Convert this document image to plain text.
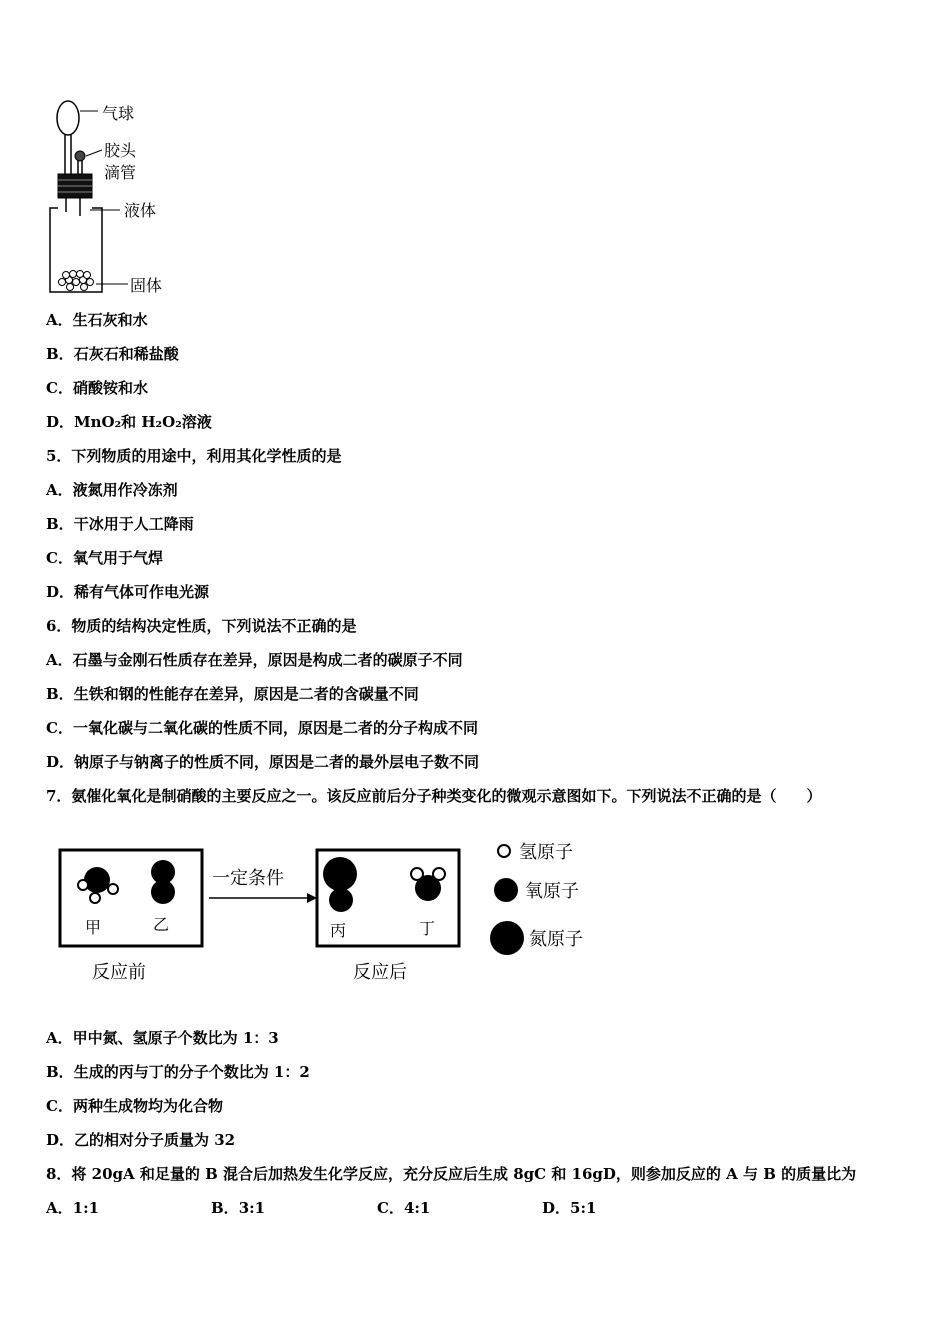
气球
胶头
滴管
液体
固体
A．生石灰和水
B．石灰石和稀盐酸
C．硝酸铵和水
D．MnO₂和 H₂O₂溶液
5．下列物质的用途中，利用其化学性质的是
A．液氮用作冷冻剂
B．干冰用于人工降雨
C．氧气用于气焊
D．稀有气体可作电光源
6．物质的结构决定性质，下列说法不正确的是
A．石墨与金刚石性质存在差异，原因是构成二者的碳原子不同
B．生铁和钢的性能存在差异，原因是二者的含碳量不同
C．一氧化碳与二氧化碳的性质不同，原因是二者的分子构成不同
D．钠原子与钠离子的性质不同，原因是二者的最外层电子数不同
7．氨催化氧化是制硝酸的主要反应之一。该反应前后分子种类变化的微观示意图如下。下列说法不正确的是（　　）
甲	乙	丙	丁
一定条件
反应前	反应后
氢原子
氧原子
氮原子
A．甲中氮、氢原子个数比为 1：3
B．生成的丙与丁的分子个数比为 1：2
C．两种生成物均为化合物
D．乙的相对分子质量为 32
8．将 20gA 和足量的 B 混合后加热发生化学反应，充分反应后生成 8gC 和 16gD，则参加反应的 A 与 B 的质量比为
A．1:1	B．3:1	C．4:1	D．5:1
